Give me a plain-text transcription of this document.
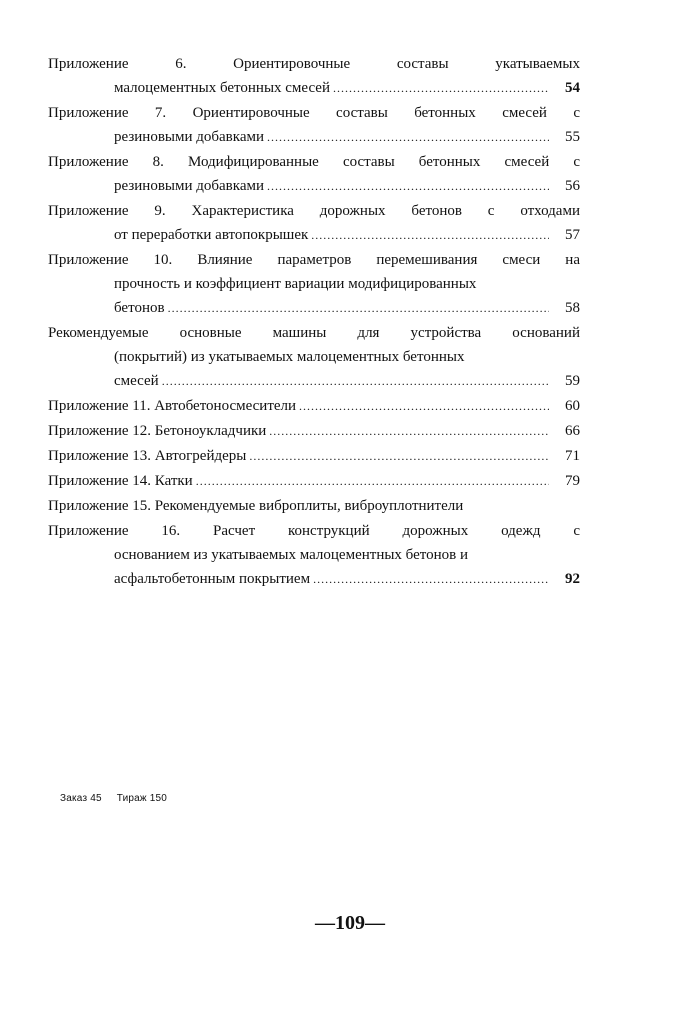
Приложение 6. Ориентировочные составы укатываемых
малоцементных бетонных смесей .....	54
Приложение 7. Ориентировочные составы бетонных смесей с
резиновыми добавками .....	55
Приложение 8. Модифицированные составы бетонных смесей с
резиновыми добавками .....	56
Приложение 9. Характеристика дорожных бетонов с отходами
от переработки автопокрышек .....	57
Приложение 10. Влияние параметров перемешивания смеси на
прочность и коэффициент вариации модифицированных
бетонов .....	58
Рекомендуемые основные машины для устройства оснований
(покрытий) из укатываемых малоцементных бетонных
смесей .....	59
Приложение 11. Автобетоносмесители .....	60
Приложение 12. Бетоноукладчики .....	66
Приложение 13. Автогрейдеры .....	71
Приложение 14. Катки .....	79
Приложение 15. Рекомендуемые виброплиты, виброуплотнители
Приложение 16. Расчет конструкций дорожных одежд с
основанием из укатываемых малоцементных бетонов и
асфальтобетонным покрытием .....	92
Заказ 45 Тираж 150
—109—
